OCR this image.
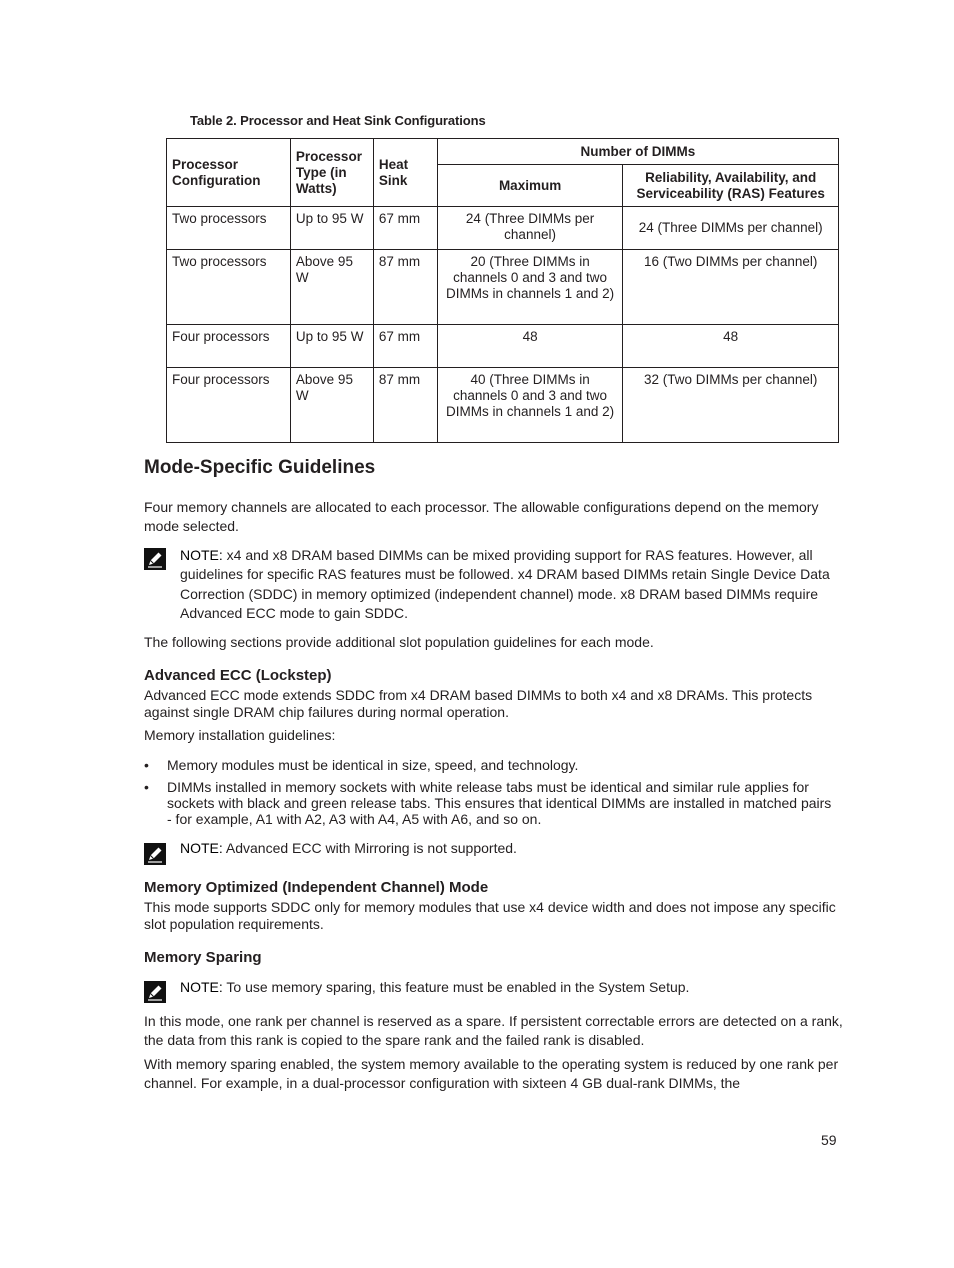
Table 2. Processor and Heat Sink Configurations
Processor Configuration	Processor Type (in Watts)	Heat Sink	Number of DIMMs	
			Maximum	Reliability, Availability, and Serviceability (RAS) Features
Two processors	Up to 95 W	67 mm	24 (Three DIMMs per channel)	24 (Three DIMMs per channel)
Two processors	Above 95 W	87 mm	20 (Three DIMMs in channels 0 and 3 and two DIMMs in channels 1 and 2)	16 (Two DIMMs per channel)
Four processors	Up to 95 W	67 mm	48	48
Four processors	Above 95 W	87 mm	40 (Three DIMMs in channels 0 and 3 and two DIMMs in channels 1 and 2)	32 (Two DIMMs per channel)
Mode-Specific Guidelines

Four memory channels are allocated to each processor. The allowable configurations depend on the memory mode selected.

NOTE: x4 and x8 DRAM based DIMMs can be mixed providing support for RAS features. However, all guidelines for specific RAS features must be followed. x4 DRAM based DIMMs retain Single Device Data Correction (SDDC) in memory optimized (independent channel) mode. x8 DRAM based DIMMs require Advanced ECC mode to gain SDDC.

The following sections provide additional slot population guidelines for each mode.

Advanced ECC (Lockstep)

Advanced ECC mode extends SDDC from x4 DRAM based DIMMs to both x4 and x8 DRAMs. This protects against single DRAM chip failures during normal operation.

Memory installation guidelines:

• Memory modules must be identical in size, speed, and technology.
• DIMMs installed in memory sockets with white release tabs must be identical and similar rule applies for sockets with black and green release tabs. This ensures that identical DIMMs are installed in matched pairs - for example, A1 with A2, A3 with A4, A5 with A6, and so on.

NOTE: Advanced ECC with Mirroring is not supported.

Memory Optimized (Independent Channel) Mode

This mode supports SDDC only for memory modules that use x4 device width and does not impose any specific slot population requirements.

Memory Sparing

NOTE: To use memory sparing, this feature must be enabled in the System Setup.

In this mode, one rank per channel is reserved as a spare. If persistent correctable errors are detected on a rank, the data from this rank is copied to the spare rank and the failed rank is disabled.

With memory sparing enabled, the system memory available to the operating system is reduced by one rank per channel. For example, in a dual-processor configuration with sixteen 4 GB dual-rank DIMMs, the

59
